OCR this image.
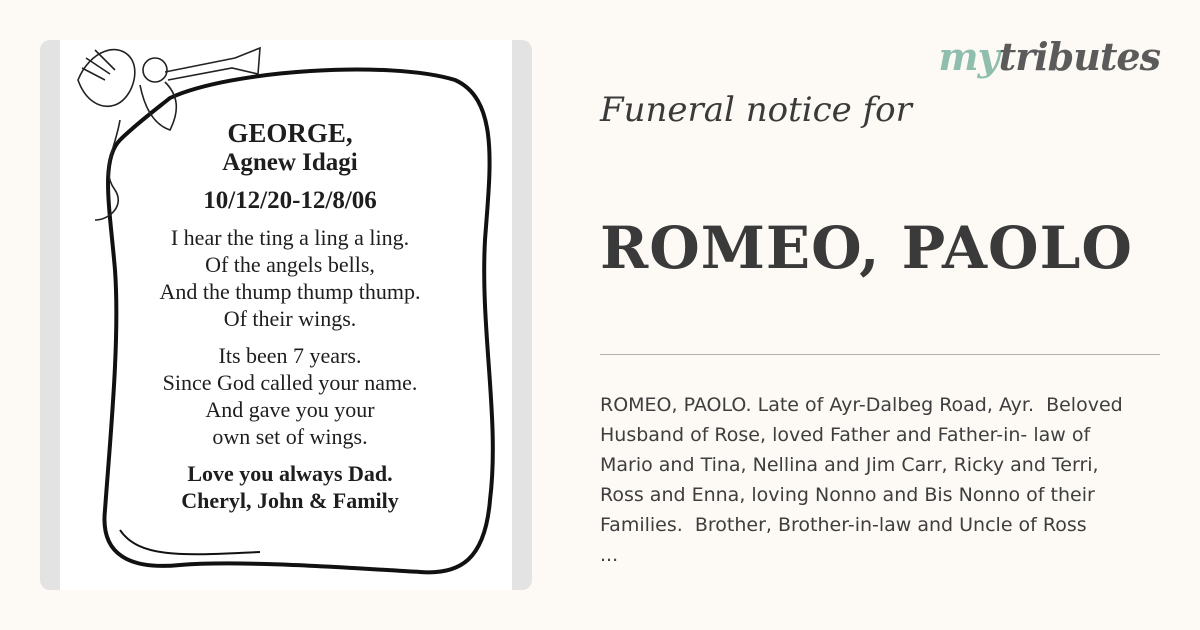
GEORGE,
Agnew Idagi
10/12/20-12/8/06
I hear the ting a ling a ling.
Of the angels bells,
And the thump thump thump.
Of their wings.
Its been 7 years.
Since God called your name.
And gave you your
own set of wings.
Love you always Dad.
Cheryl, John & Family
mytributes
Funeral notice for
ROMEO, PAOLO
ROMEO, PAOLO. Late of Ayr-Dalbeg Road, Ayr.  Beloved
Husband of Rose, loved Father and Father-in- law of
Mario and Tina, Nellina and Jim Carr, Ricky and Terri,
Ross and Enna, loving Nonno and Bis Nonno of their
Families.  Brother, Brother-in-law and Uncle of Ross
...
